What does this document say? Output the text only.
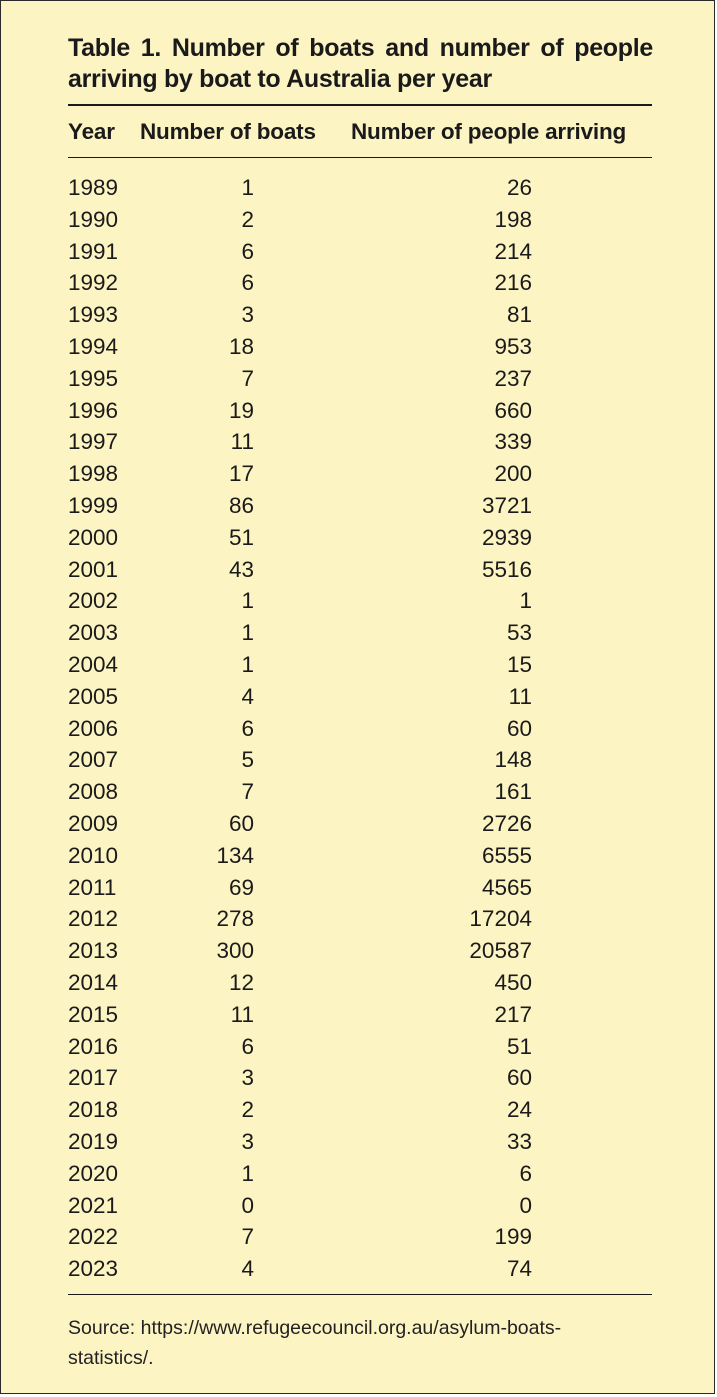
Table 1. Number of boats and number of people arriving by boat to Australia per year
Year Number of boats Number of people arriving
1989	1	26
1990	2	198
1991	6	214
1992	6	216
1993	3	81
1994	18	953
1995	7	237
1996	19	660
1997	11	339
1998	17	200
1999	86	3721
2000	51	2939
2001	43	5516
2002	1	1
2003	1	53
2004	1	15
2005	4	11
2006	6	60
2007	5	148
2008	7	161
2009	60	2726
2010	134	6555
2011	69	4565
2012	278	17204
2013	300	20587
2014	12	450
2015	11	217
2016	6	51
2017	3	60
2018	2	24
2019	3	33
2020	1	6
2021	0	0
2022	7	199
2023	4	74
Source: https://www.refugeecouncil.org.au/asylum-boats-statistics/.
